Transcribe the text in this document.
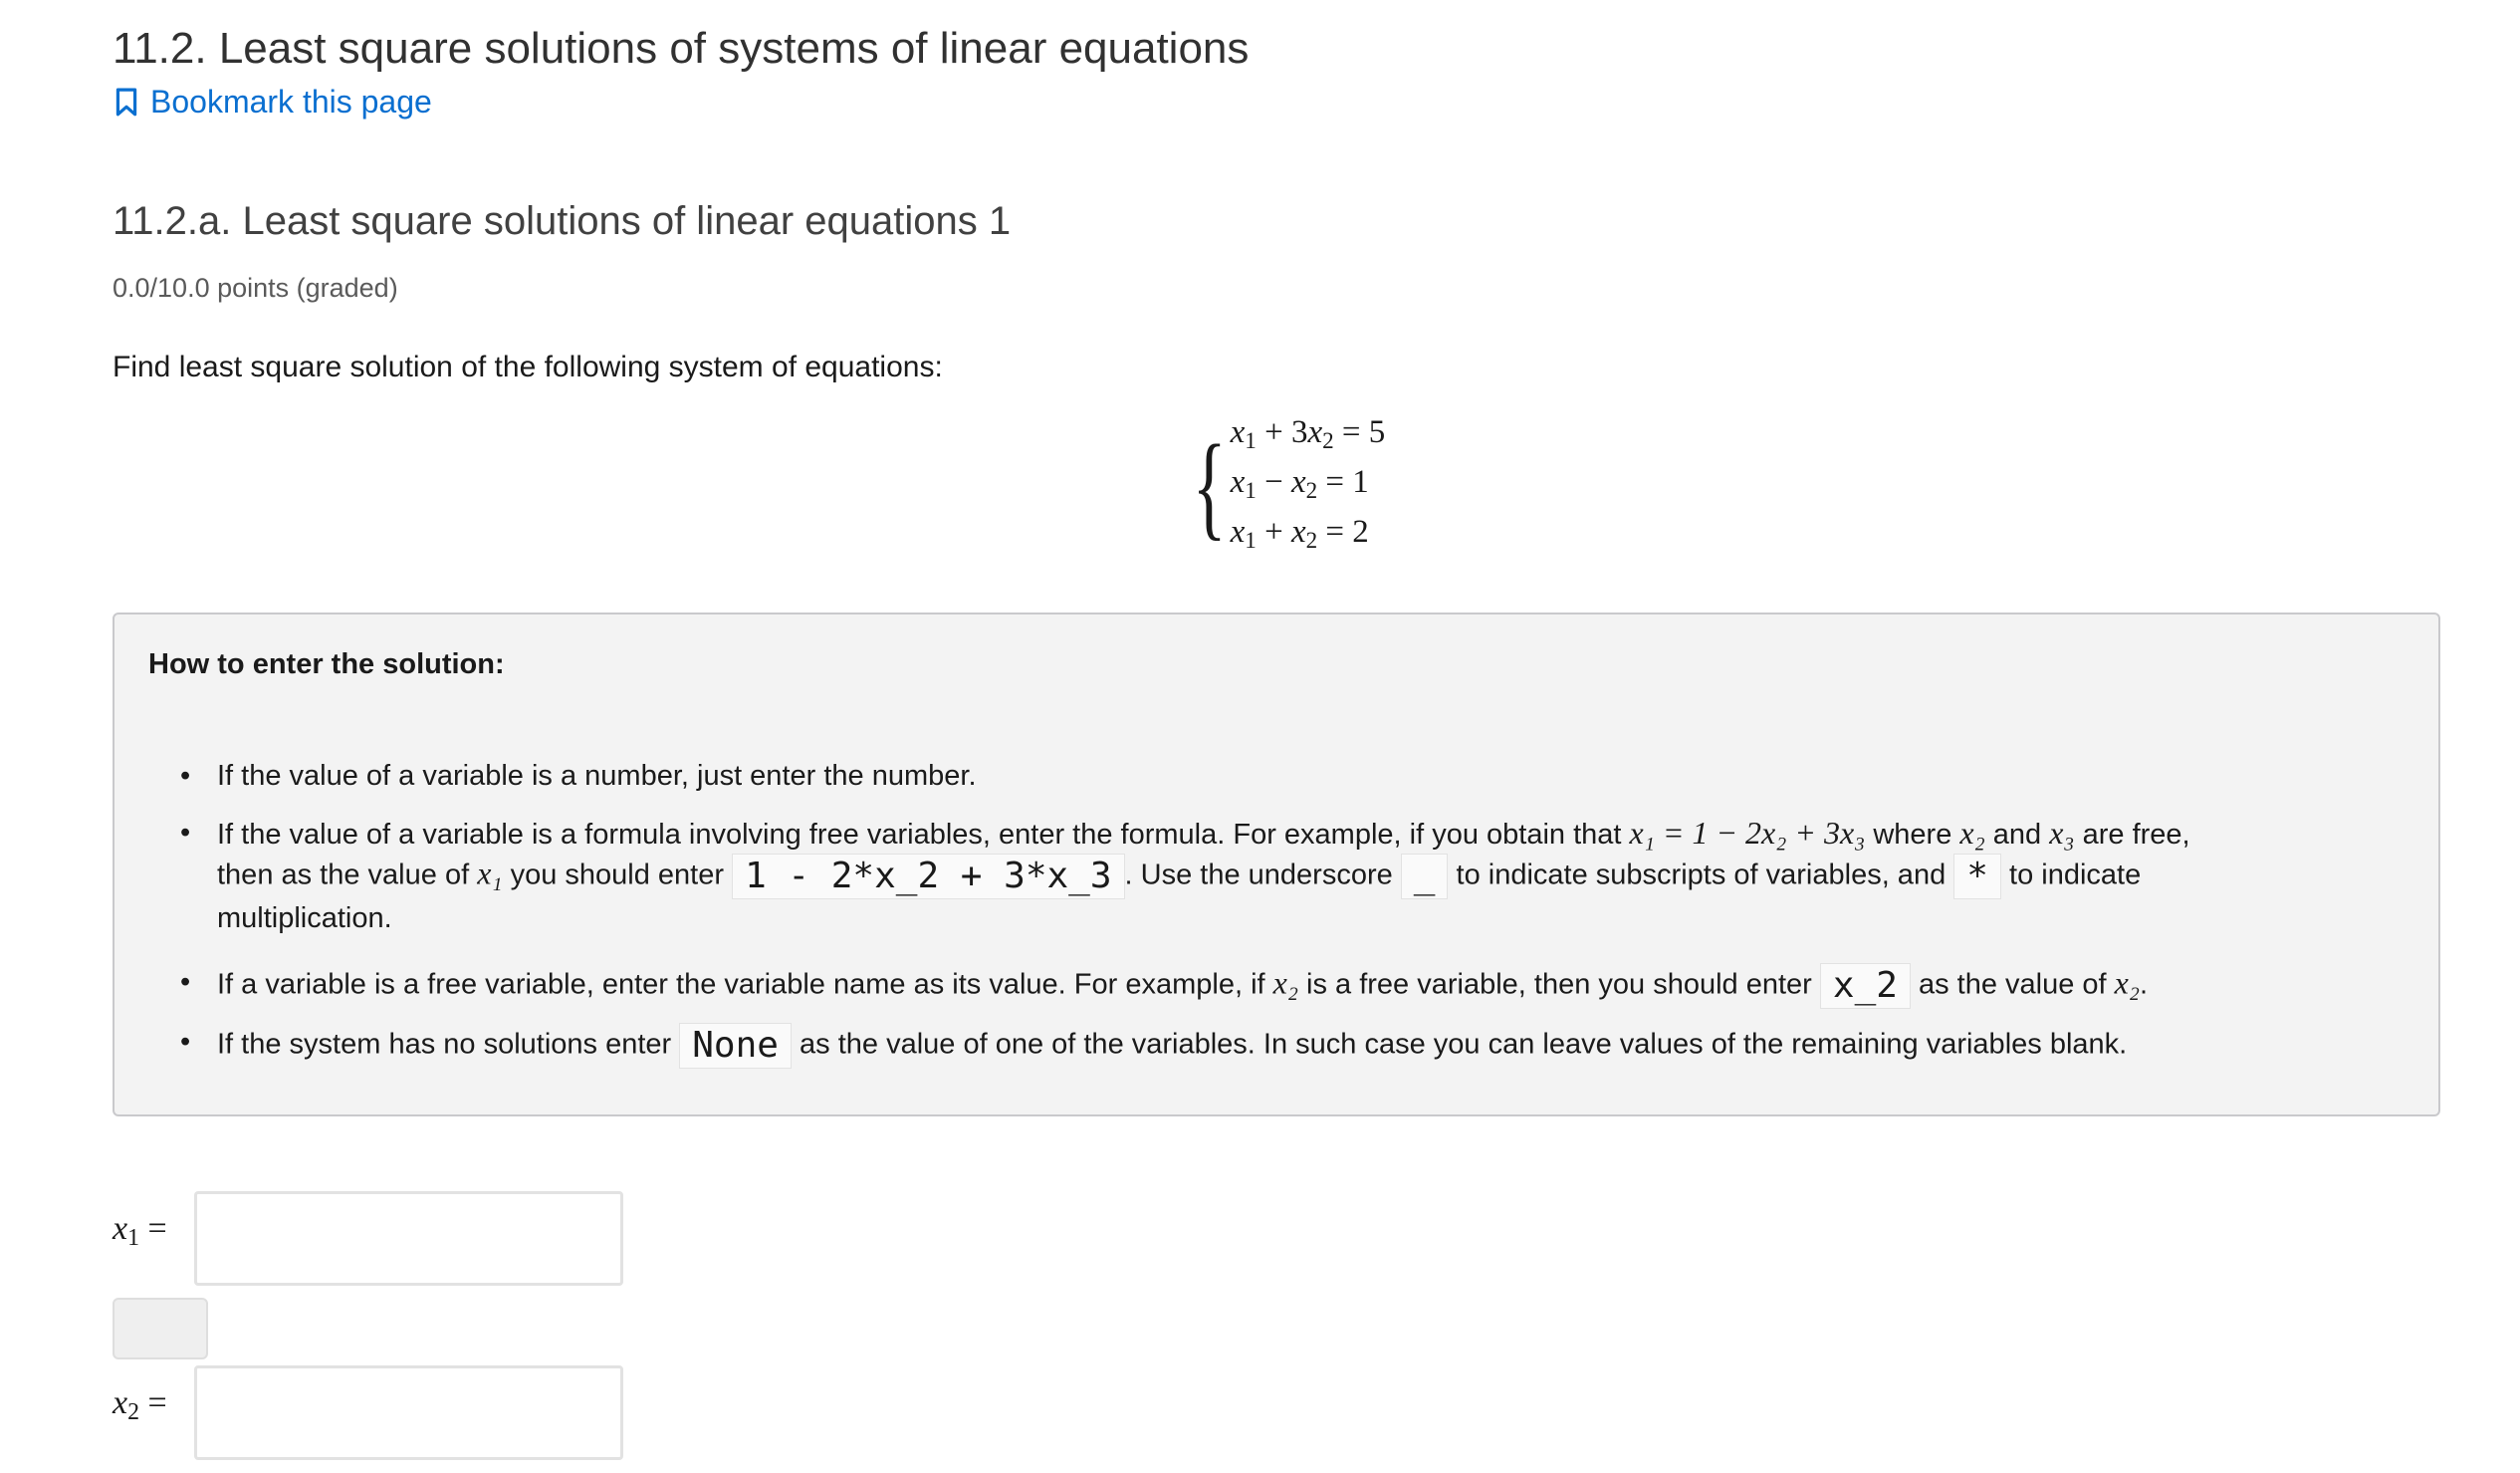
11.2. Least square solutions of systems of linear equations
Bookmark this page
11.2.a. Least square solutions of linear equations 1
0.0/10.0 points (graded)
Find least square solution of the following system of equations:
{ $x_1 + 3x_2 = 5$
$x_1 - x_2 = 1$
$x_1 + x_2 = 2$
How to enter the solution:
• If the value of a variable is a number, just enter the number.
• If the value of a variable is a formula involving free variables, enter the formula. For example, if you obtain that x₁ = 1 − 2x₂ + 3x₃ where x₂ and x₃ are free,
then as the value of x₁ you should enter 1 - 2*x_2 + 3*x_3 . Use the underscore _ to indicate subscripts of variables, and * to indicate
multiplication.
• If a variable is a free variable, enter the variable name as its value. For example, if x₂ is a free variable, then you should enter x_2 as the value of x₂.
• If the system has no solutions enter None as the value of one of the variables. In such case you can leave values of the remaining variables blank.
$x_1$ =
$x_2$ =
